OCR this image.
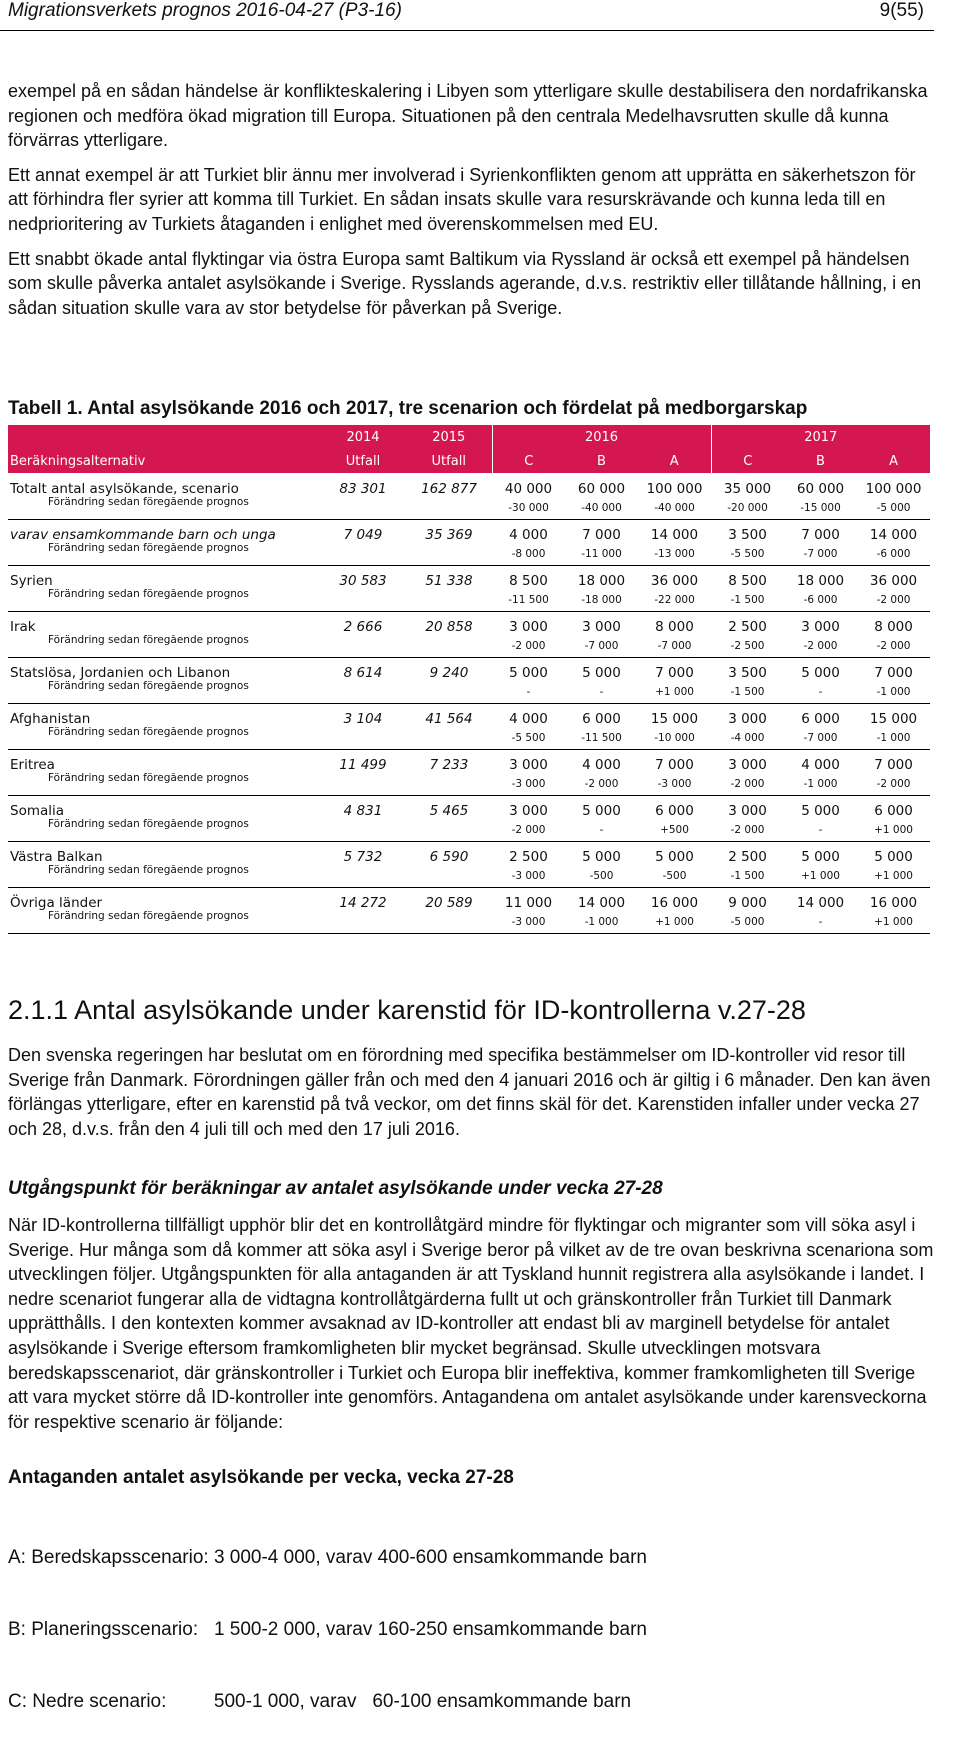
Migrationsverkets prognos 2016-04-27 (P3-16)	9(55)

exempel på en sådan händelse är konflikteskalering i Libyen som ytterligare skulle destabilisera den nordafrikanska regionen och medföra ökad migration till Europa. Situationen på den centrala Medelhavsrutten skulle då kunna förvärras ytterligare.

Ett annat exempel är att Turkiet blir ännu mer involverad i Syrienkonflikten genom att upprätta en säkerhetszon för att förhindra fler syrier att komma till Turkiet. En sådan insats skulle vara resurskrävande och kunna leda till en nedprioritering av Turkiets åtaganden i enlighet med överenskommelsen med EU.

Ett snabbt ökade antal flyktingar via östra Europa samt Baltikum via Ryssland är också ett exempel på händelsen som skulle påverka antalet asylsökande i Sverige. Rysslands agerande, d.v.s. restriktiv eller tillåtande hållning, i en sådan situation skulle vara av stor betydelse för påverkan på Sverige.

Tabell 1. Antal asylsökande 2016 och 2017, tre scenarion och fördelat på medborgarskap
	2014	2015	2016			2017		
Beräkningsalternativ	Utfall	Utfall	C	B	A	C	B	A
Totalt antal asylsökande, scenario	83 301	162 877	40 000	60 000	100 000	35 000	60 000	100 000
Förändring sedan föregående prognos			-30 000	-40 000	-40 000	-20 000	-15 000	-5 000
varav ensamkommande barn och unga	7 049	35 369	4 000	7 000	14 000	3 500	7 000	14 000
Förändring sedan föregående prognos			-8 000	-11 000	-13 000	-5 500	-7 000	-6 000
Syrien	30 583	51 338	8 500	18 000	36 000	8 500	18 000	36 000
Förändring sedan föregående prognos			-11 500	-18 000	-22 000	-1 500	-6 000	-2 000
Irak	2 666	20 858	3 000	3 000	8 000	2 500	3 000	8 000
Förändring sedan föregående prognos			-2 000	-7 000	-7 000	-2 500	-2 000	-2 000
Statslösa, Jordanien och Libanon	8 614	9 240	5 000	5 000	7 000	3 500	5 000	7 000
Förändring sedan föregående prognos			-	-	+1 000	-1 500	-	-1 000
Afghanistan	3 104	41 564	4 000	6 000	15 000	3 000	6 000	15 000
Förändring sedan föregående prognos			-5 500	-11 500	-10 000	-4 000	-7 000	-1 000
Eritrea	11 499	7 233	3 000	4 000	7 000	3 000	4 000	7 000
Förändring sedan föregående prognos			-3 000	-2 000	-3 000	-2 000	-1 000	-2 000
Somalia	4 831	5 465	3 000	5 000	6 000	3 000	5 000	6 000
Förändring sedan föregående prognos			-2 000	-	+500	-2 000	-	+1 000
Västra Balkan	5 732	6 590	2 500	5 000	5 000	2 500	5 000	5 000
Förändring sedan föregående prognos			-3 000	-500	-500	-1 500	+1 000	+1 000
Övriga länder	14 272	20 589	11 000	14 000	16 000	9 000	14 000	16 000
Förändring sedan föregående prognos			-3 000	-1 000	+1 000	-5 000	-	+1 000
2.1.1 Antal asylsökande under karenstid för ID-kontrollerna v.27-28
Den svenska regeringen har beslutat om en förordning med specifika bestämmelser om ID-kontroller vid resor till Sverige från Danmark. Förordningen gäller från och med den 4 januari 2016 och är giltig i 6 månader. Den kan även förlängas ytterligare, efter en karenstid på två veckor, om det finns skäl för det. Karenstiden infaller under vecka 27 och 28, d.v.s. från den 4 juli till och med den 17 juli 2016.
Utgångspunkt för beräkningar av antalet asylsökande under vecka 27-28
När ID-kontrollerna tillfälligt upphör blir det en kontrollåtgärd mindre för flyktingar och migranter som vill söka asyl i Sverige. Hur många som då kommer att söka asyl i Sverige beror på vilket av de tre ovan beskrivna scenariona som utvecklingen följer. Utgångspunkten för alla antaganden är att Tyskland hunnit registrera alla asylsökande i landet. I nedre scenariot fungerar alla de vidtagna kontrollåtgärderna fullt ut och gränskontroller från Turkiet till Danmark upprätthålls. I den kontexten kommer avsaknad av ID-kontroller att endast bli av marginell betydelse för antalet asylsökande i Sverige eftersom framkomligheten blir mycket begränsad. Skulle utvecklingen motsvara beredskapsscenariot, där gränskontroller i Turkiet och Europa blir ineffektiva, kommer framkomligheten till Sverige att vara mycket större då ID-kontroller inte genomförs. Antagandena om antalet asylsökande under karensveckorna för respektive scenario är följande:
Antaganden antalet asylsökande per vecka, vecka 27-28

A: Beredskapsscenario: 3 000-4 000, varav 400-600 ensamkommande barn

B: Planeringsscenario:   1 500-2 000, varav 160-250 ensamkommande barn

C: Nedre scenario:         500-1 000, varav   60-100 ensamkommande barn
